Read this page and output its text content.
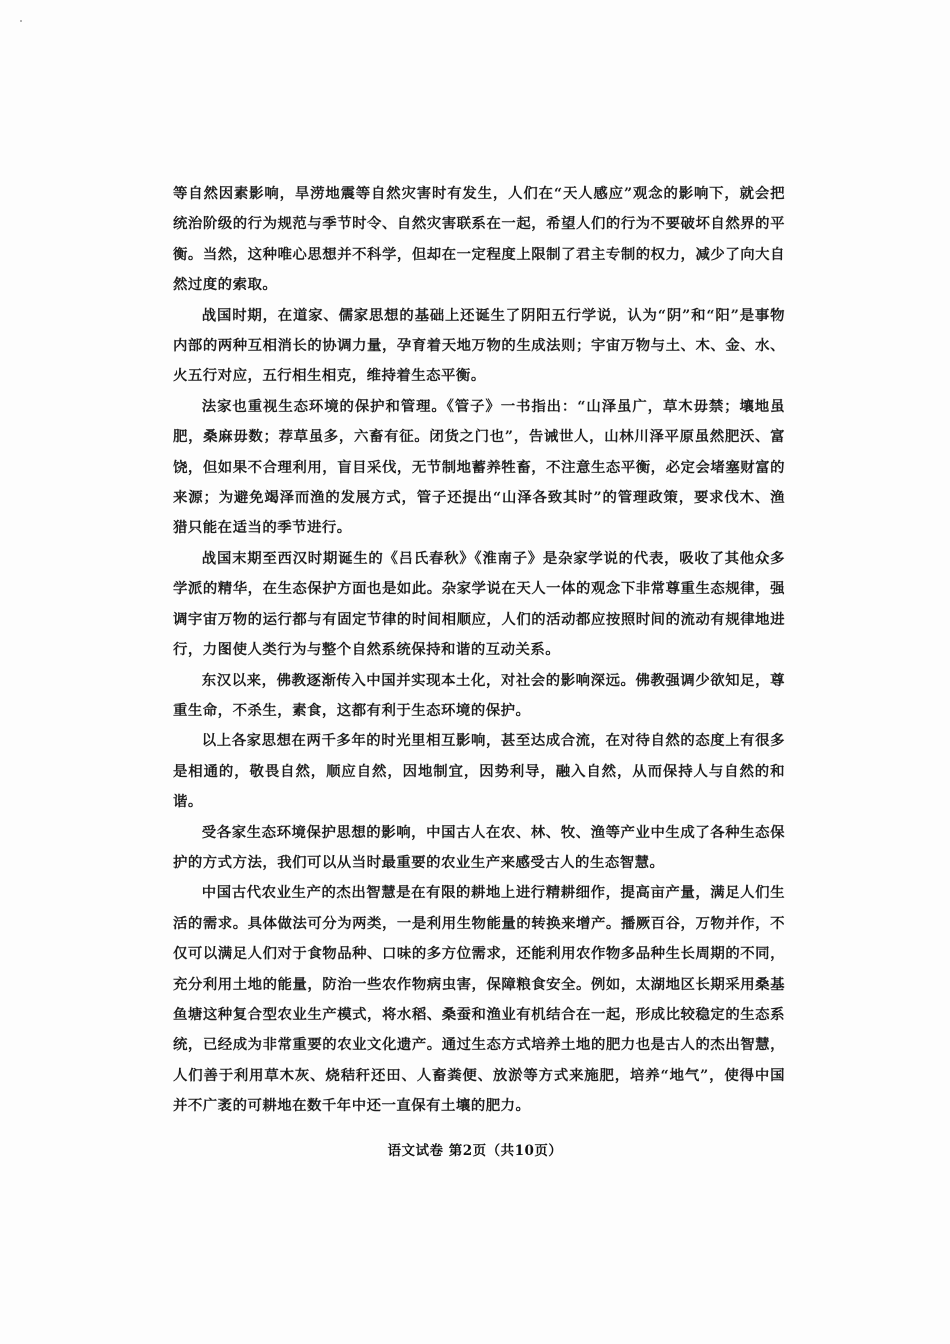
等自然因素影响，旱涝地震等自然灾害时有发生，人们在“天人感应”观念的影响下，就会把统治阶级的行为规范与季节时令、自然灾害联系在一起，希望人们的行为不要破坏自然界的平衡。当然，这种唯心思想并不科学，但却在一定程度上限制了君主专制的权力，减少了向大自然过度的索取。

战国时期，在道家、儒家思想的基础上还诞生了阴阳五行学说，认为“阴”和“阳”是事物内部的两种互相消长的协调力量，孕育着天地万物的生成法则；宇宙万物与土、木、金、水、火五行对应，五行相生相克，维持着生态平衡。

法家也重视生态环境的保护和管理。《管子》一书指出：“山泽虽广，草木毋禁；壤地虽肥，桑麻毋数；荐草虽多，六畜有征。闭货之门也”，告诫世人，山林川泽平原虽然肥沃、富饶，但如果不合理利用，盲目采伐，无节制地蓄养牲畜，不注意生态平衡，必定会堵塞财富的来源；为避免竭泽而渔的发展方式，管子还提出“山泽各致其时”的管理政策，要求伐木、渔猎只能在适当的季节进行。

战国末期至西汉时期诞生的《吕氏春秋》《淮南子》是杂家学说的代表，吸收了其他众多学派的精华，在生态保护方面也是如此。杂家学说在天人一体的观念下非常尊重生态规律，强调宇宙万物的运行都与有固定节律的时间相顺应，人们的活动都应按照时间的流动有规律地进行，力图使人类行为与整个自然系统保持和谐的互动关系。

东汉以来，佛教逐渐传入中国并实现本土化，对社会的影响深远。佛教强调少欲知足，尊重生命，不杀生，素食，这都有利于生态环境的保护。

以上各家思想在两千多年的时光里相互影响，甚至达成合流，在对待自然的态度上有很多是相通的，敬畏自然，顺应自然，因地制宜，因势利导，融入自然，从而保持人与自然的和谐。

受各家生态环境保护思想的影响，中国古人在农、林、牧、渔等产业中生成了各种生态保护的方式方法，我们可以从当时最重要的农业生产来感受古人的生态智慧。

中国古代农业生产的杰出智慧是在有限的耕地上进行精耕细作，提高亩产量，满足人们生活的需求。具体做法可分为两类，一是利用生物能量的转换来增产。播厥百谷，万物并作，不仅可以满足人们对于食物品种、口味的多方位需求，还能利用农作物多品种生长周期的不同，充分利用土地的能量，防治一些农作物病虫害，保障粮食安全。例如，太湖地区长期采用桑基鱼塘这种复合型农业生产模式，将水稻、桑蚕和渔业有机结合在一起，形成比较稳定的生态系统，已经成为非常重要的农业文化遗产。通过生态方式培养土地的肥力也是古人的杰出智慧，人们善于利用草木灰、烧秸秆还田、人畜粪便、放淤等方式来施肥，培养“地气”，使得中国并不广袤的可耕地在数千年中还一直保有土壤的肥力。

语文试卷 第2页（共10页）
